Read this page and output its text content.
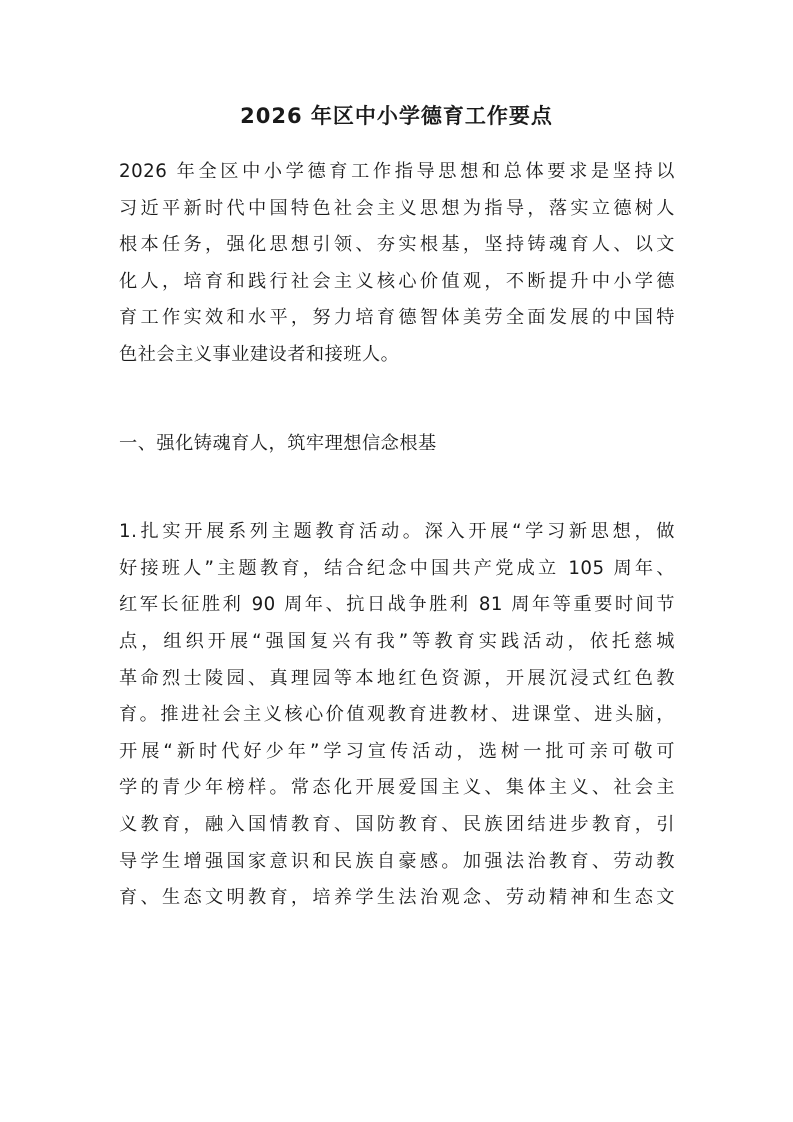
2026 年区中小学德育工作要点
2026 年全区中小学德育工作指导思想和总体要求是坚持以
习近平新时代中国特色社会主义思想为指导，落实立德树人
根本任务，强化思想引领、夯实根基，坚持铸魂育人、以文
化人，培育和践行社会主义核心价值观，不断提升中小学德
育工作实效和水平，努力培育德智体美劳全面发展的中国特
色社会主义事业建设者和接班人。
一、强化铸魂育人，筑牢理想信念根基
1.扎实开展系列主题教育活动。深入开展“学习新思想，做
好接班人”主题教育，结合纪念中国共产党成立 105 周年、
红军长征胜利 90 周年、抗日战争胜利 81 周年等重要时间节
点，组织开展“强国复兴有我”等教育实践活动，依托慈城
革命烈士陵园、真理园等本地红色资源，开展沉浸式红色教
育。推进社会主义核心价值观教育进教材、进课堂、进头脑，
开展“新时代好少年”学习宣传活动，选树一批可亲可敬可
学的青少年榜样。常态化开展爱国主义、集体主义、社会主
义教育，融入国情教育、国防教育、民族团结进步教育，引
导学生增强国家意识和民族自豪感。加强法治教育、劳动教
育、生态文明教育，培养学生法治观念、劳动精神和生态文
